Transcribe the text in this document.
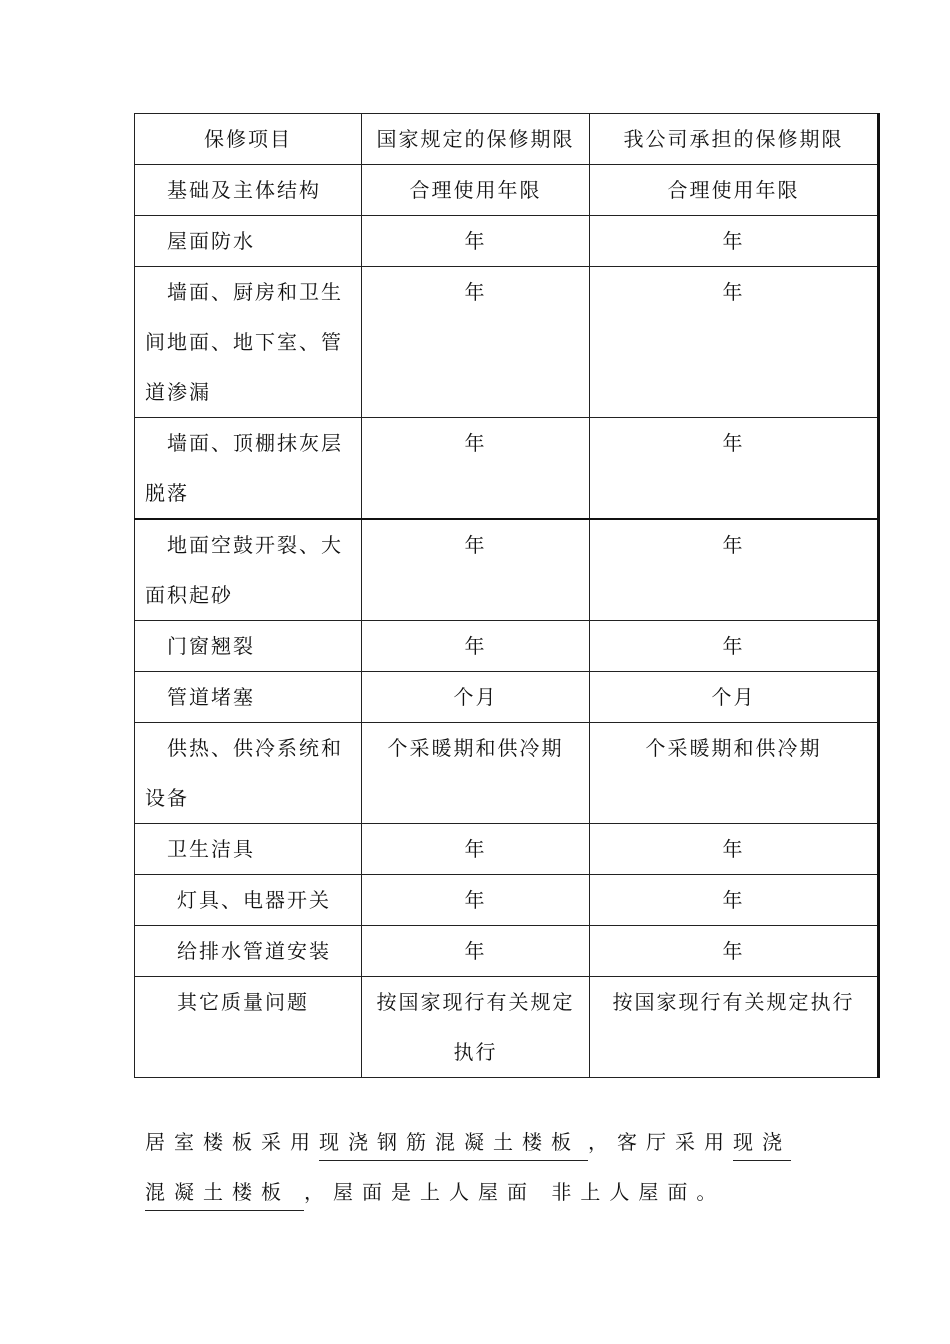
保修项目	国家规定的保修期限	我公司承担的保修期限
基础及主体结构	合理使用年限	合理使用年限
屋面防水	年	年
墙面、厨房和卫生间地面、地下室、管道渗漏	年	年
墙面、顶棚抹灰层脱落	年	年
地面空鼓开裂、大面积起砂	年	年
门窗翘裂	年	年
管道堵塞	个月	个月
供热、供冷系统和设备	个采暖期和供冷期	个采暖期和供冷期
卫生洁具	年	年
灯具、电器开关	年	年
给排水管道安装	年	年
其它质量问题	按国家现行有关规定执行	按国家现行有关规定执行
居室楼板采用现浇钢筋混凝土楼板 ，客厅采用现浇
混凝土楼板 ，屋面是上人屋面 非上人屋面。
